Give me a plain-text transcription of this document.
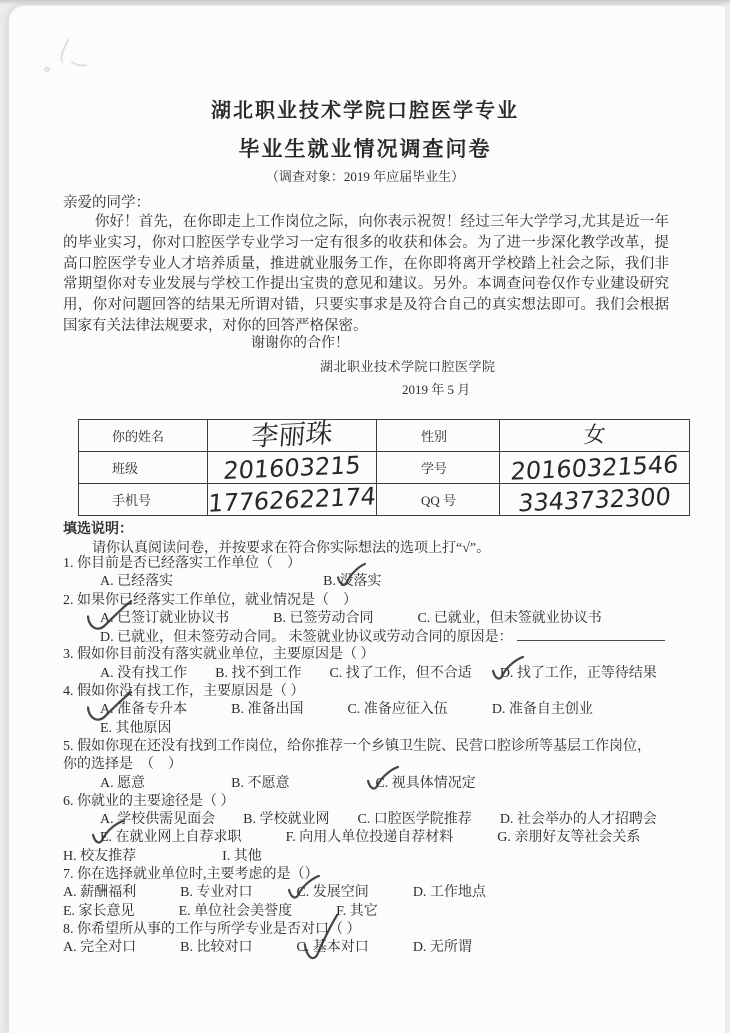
湖北职业技术学院口腔医学专业
毕业生就业情况调查问卷
（调查对象：2019 年应届毕业生）
亲爱的同学：
你好！首先，在你即走上工作岗位之际，向你表示祝贺！经过三年大学学习,尤其是近一年的毕业实习，你对口腔医学专业学习一定有很多的收获和体会。为了进一步深化教学改革，提高口腔医学专业人才培养质量，推进就业服务工作，在你即将离开学校踏上社会之际，我们非常期望你对专业发展与学校工作提出宝贵的意见和建议。另外。本调查问卷仅作专业建设研究用，你对问题回答的结果无所谓对错，只要实事求是及符合自己的真实想法即可。我们会根据国家有关法律法规要求，对你的回答严格保密。
谢谢你的合作！
湖北职业技术学院口腔医学院
2019 年 5 月
你的姓名	李丽珠	性别	女

班级	201603215	学号	20160321546

手机号	17762622174	QQ 号	3343732300
填选说明：
请你认真阅读问卷，并按要求在符合你实际想法的选项上打“√”。
1. 你目前是否已经落实工作单位（　）
A. 已经落实	B. 没落实
2. 如果你已经落实工作单位，就业情况是（　）
A. 已签订就业协议书	B. 已签劳动合同	C. 已就业，但未签就业协议书
D. 已就业，但未签劳动合同。 未签就业协议或劳动合同的原因是：
3. 假如你目前没有落实就业单位，主要原因是（ ）
A. 没有找工作 B. 找不到工作 C. 找了工作，但不合适 D. 找了工作，正等待结果
4. 假如你没有找工作，主要原因是（ ）
A. 准备专升本	B. 准备出国	C. 准备应征入伍	D. 准备自主创业
E. 其他原因
5. 假如你现在还没有找到工作岗位，给你推荐一个乡镇卫生院、民营口腔诊所等基层工作岗位，
你的选择是　（　）
A. 愿意	B. 不愿意	C. 视具体情况定
6. 你就业的主要途径是（ ）
A. 学校供需见面会 B. 学校就业网 C. 口腔医学院推荐 D. 社会举办的人才招聘会
E. 在就业网上自荐求职	F. 向用人单位投递自荐材料	G. 亲朋好友等社会关系
H. 校友推荐	I. 其他
7. 你在选择就业单位时,主要考虑的是（）
A. 薪酬福利	B. 专业对口	C. 发展空间	D. 工作地点
E. 家长意见	E. 单位社会美誉度	F. 其它
8. 你希望所从事的工作与所学专业是否对口（ ）
A. 完全对口	B. 比较对口	C. 基本对口	D. 无所谓
